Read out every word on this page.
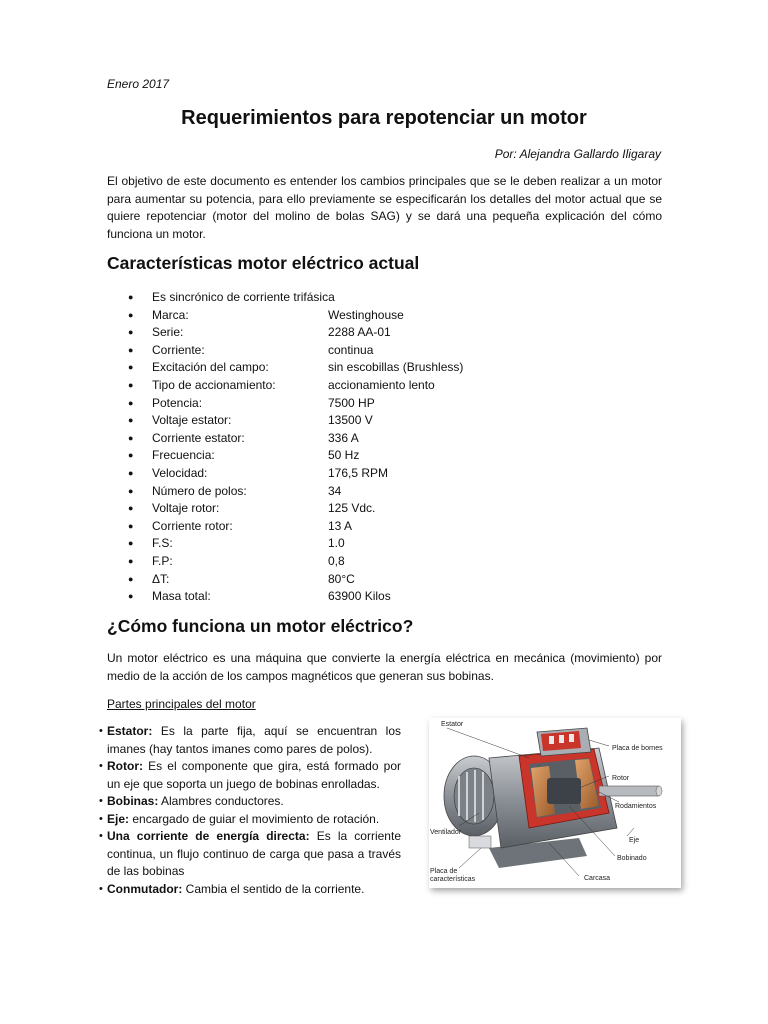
Enero 2017
Requerimientos para repotenciar un motor
Por: Alejandra Gallardo Iligaray

El objetivo de este documento es entender los cambios principales que se le deben realizar a un motor para aumentar su potencia, para ello previamente se especificarán los detalles del motor actual que se quiere repotenciar (motor del molino de bolas SAG) y se dará una pequeña explicación del cómo funciona un motor.

Características motor eléctrico actual
●	Es sincrónico de corriente trifásica
●	Marca:	Westinghouse
●	Serie:	2288 AA-01
●	Corriente:	continua
●	Excitación del campo:	sin escobillas (Brushless)
●	Tipo de accionamiento:	accionamiento lento
●	Potencia:	7500 HP
●	Voltaje estator:	13500 V
●	Corriente estator:	336 A
●	Frecuencia:	50 Hz
●	Velocidad:	176,5 RPM
●	Número de polos:	34
●	Voltaje rotor:	125 Vdc.
●	Corriente rotor:	13 A
●	F.S:	1.0
●	F.P:	0,8
●	ΔT:	80°C
●	Masa total:	63900 Kilos
¿Cómo funciona un motor eléctrico?

Un motor eléctrico es una máquina que convierte la energía eléctrica en mecánica (movimiento) por medio de la acción de los campos magnéticos que generan sus bobinas.

Partes principales del motor

• Estator: Es la parte fija, aquí se encuentran los imanes (hay tantos imanes como pares de polos).
• Rotor: Es el componente que gira, está formado por un eje que soporta un juego de bobinas enrolladas.
• Bobinas: Alambres conductores.
• Eje: encargado de guiar el movimiento de rotación.
• Una corriente de energía directa: Es la corriente continua, un flujo continuo de carga que pasa a través de las bobinas
• Conmutador: Cambia el sentido de la corriente.
Estator
Placa de bornes
Rotor
Rodamientos
Ventilador
Eje
Bobinado
Placa de
características	Carcasa
